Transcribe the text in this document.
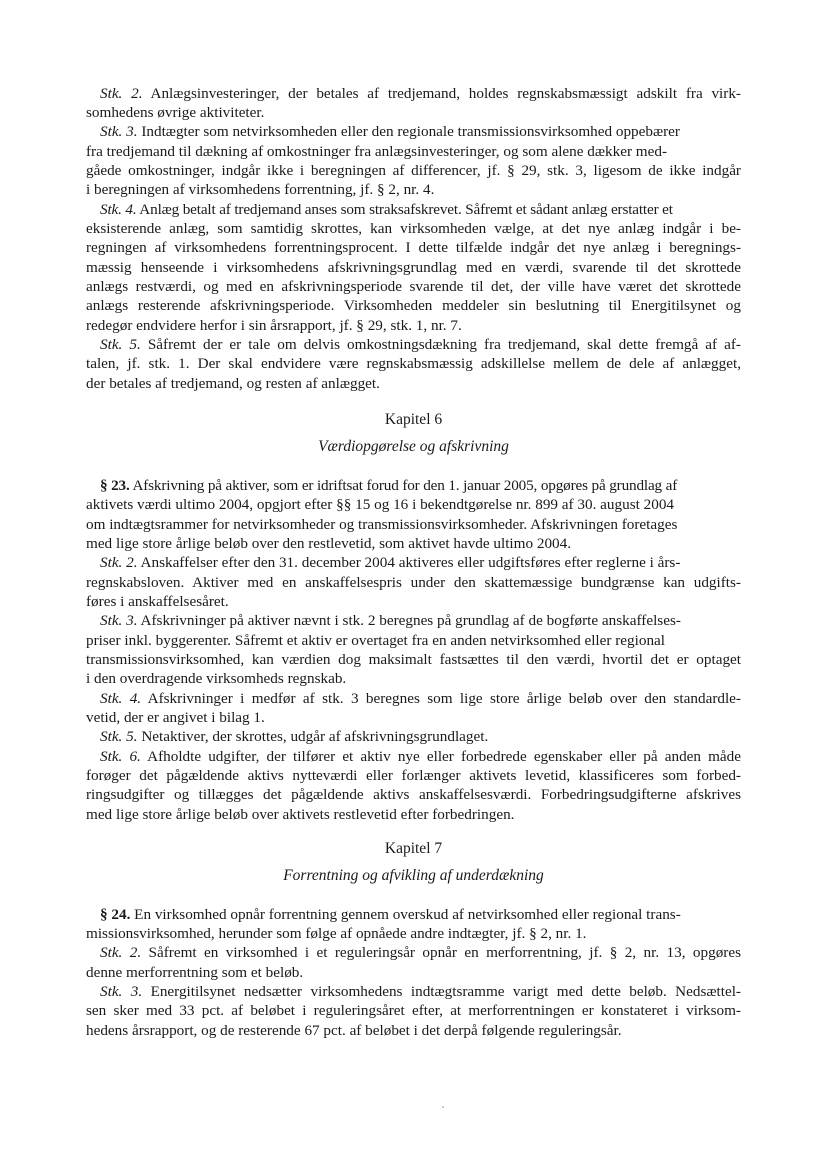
Stk. 2. Anlægsinvesteringer, der betales af tredjemand, holdes regnskabsmæssigt adskilt fra virk-
somhedens øvrige aktiviteter.
Stk. 3. Indtægter som netvirksomheden eller den regionale transmissionsvirksomhed oppebærer
fra tredjemand til dækning af omkostninger fra anlægsinvesteringer, og som alene dækker med-
gåede omkostninger, indgår ikke i beregningen af differencer, jf. § 29, stk. 3, ligesom de ikke indgår
i beregningen af virksomhedens forrentning, jf. § 2, nr. 4.
Stk. 4. Anlæg betalt af tredjemand anses som straksafskrevet. Såfremt et sådant anlæg erstatter et
eksisterende anlæg, som samtidig skrottes, kan virksomheden vælge, at det nye anlæg indgår i be-
regningen af virksomhedens forrentningsprocent. I dette tilfælde indgår det nye anlæg i beregnings-
mæssig henseende i virksomhedens afskrivningsgrundlag med en værdi, svarende til det skrottede
anlægs restværdi, og med en afskrivningsperiode svarende til det, der ville have været det skrottede
anlægs resterende afskrivningsperiode. Virksomheden meddeler sin beslutning til Energitilsynet og
redegør endvidere herfor i sin årsrapport, jf. § 29, stk. 1, nr. 7.
Stk. 5. Såfremt der er tale om delvis omkostningsdækning fra tredjemand, skal dette fremgå af af-
talen, jf. stk. 1. Der skal endvidere være regnskabsmæssig adskillelse mellem de dele af anlægget,
der betales af tredjemand, og resten af anlægget.
Kapitel 6
Værdiopgørelse og afskrivning
§ 23. Afskrivning på aktiver, som er idriftsat forud for den 1. januar 2005, opgøres på grundlag af
aktivets værdi ultimo 2004, opgjort efter §§ 15 og 16 i bekendtgørelse nr. 899 af 30. august 2004
om indtægtsrammer for netvirksomheder og transmissionsvirksomheder. Afskrivningen foretages
med lige store årlige beløb over den restlevetid, som aktivet havde ultimo 2004.
Stk. 2. Anskaffelser efter den 31. december 2004 aktiveres eller udgiftsføres efter reglerne i års-
regnskabsloven. Aktiver med en anskaffelsespris under den skattemæssige bundgrænse kan udgifts-
føres i anskaffelsesåret.
Stk. 3. Afskrivninger på aktiver nævnt i stk. 2 beregnes på grundlag af de bogførte anskaffelses-
priser inkl. byggerenter. Såfremt et aktiv er overtaget fra en anden netvirksomhed eller regional
transmissionsvirksomhed, kan værdien dog maksimalt fastsættes til den værdi, hvortil det er optaget
i den overdragende virksomheds regnskab.
Stk. 4. Afskrivninger i medfør af stk. 3 beregnes som lige store årlige beløb over den standardle-
vetid, der er angivet i bilag 1.
Stk. 5. Netaktiver, der skrottes, udgår af afskrivningsgrundlaget.
Stk. 6. Afholdte udgifter, der tilfører et aktiv nye eller forbedrede egenskaber eller på anden måde
forøger det pågældende aktivs nytteværdi eller forlænger aktivets levetid, klassificeres som forbed-
ringsudgifter og tillægges det pågældende aktivs anskaffelsesværdi. Forbedringsudgifterne afskrives
med lige store årlige beløb over aktivets restlevetid efter forbedringen.
Kapitel 7
Forrentning og afvikling af underdækning
§ 24. En virksomhed opnår forrentning gennem overskud af netvirksomhed eller regional trans-
missionsvirksomhed, herunder som følge af opnåede andre indtægter, jf. § 2, nr. 1.
Stk. 2. Såfremt en virksomhed i et reguleringsår opnår en merforrentning, jf. § 2, nr. 13, opgøres
denne merforrentning som et beløb.
Stk. 3. Energitilsynet nedsætter virksomhedens indtægtsramme varigt med dette beløb. Nedsættel-
sen sker med 33 pct. af beløbet i reguleringsåret efter, at merforrentningen er konstateret i virksom-
hedens årsrapport, og de resterende 67 pct. af beløbet i det derpå følgende reguleringsår.
